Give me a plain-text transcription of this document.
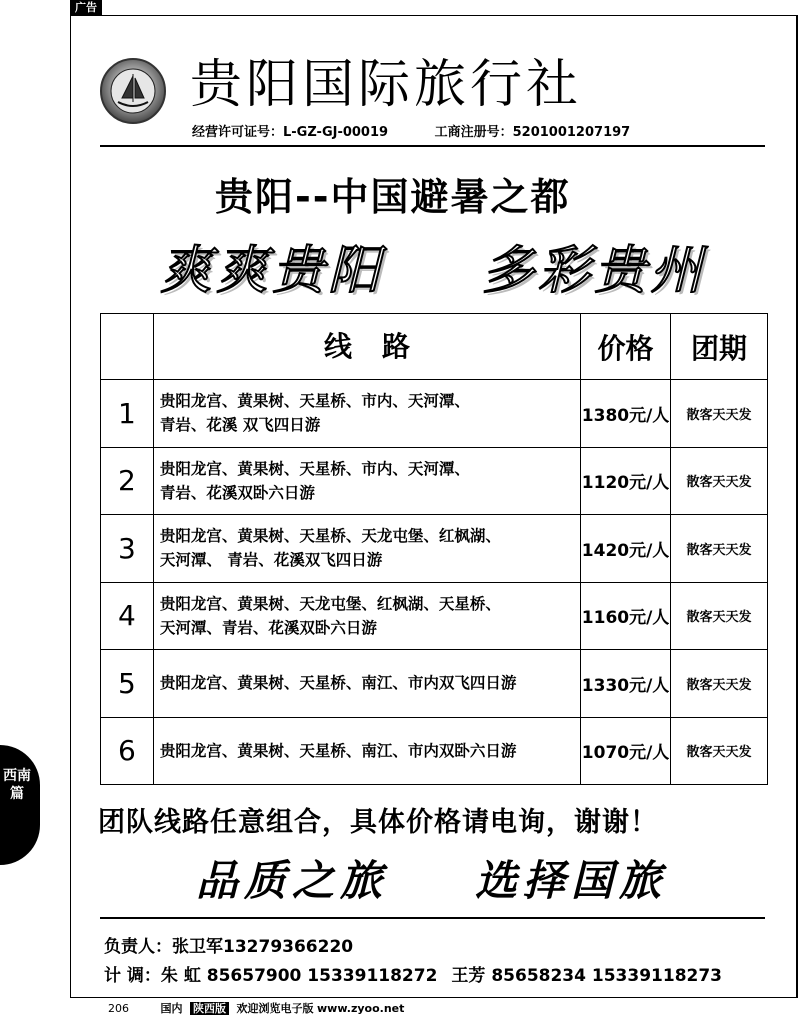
广告
贵阳国际旅行社
经营许可证号：L-GZ-GJ-00019	工商注册号：5201001207197
贵阳--中国避暑之都
爽爽贵阳 多彩贵州
	线路	价格	团期
1	贵阳龙宫、黄果树、天星桥、市内、天河潭、
青岩、花溪 双飞四日游	1380元/人	散客天天发
2	贵阳龙宫、黄果树、天星桥、市内、天河潭、
青岩、花溪双卧六日游	1120元/人	散客天天发
3	贵阳龙宫、黄果树、天星桥、天龙屯堡、红枫湖、
天河潭、 青岩、花溪双飞四日游	1420元/人	散客天天发
4	贵阳龙宫、黄果树、天龙屯堡、红枫湖、天星桥、
天河潭、青岩、花溪双卧六日游	1160元/人	散客天天发
5	贵阳龙宫、黄果树、天星桥、南江、市内双飞四日游	1330元/人	散客天天发
6	贵阳龙宫、黄果树、天星桥、南江、市内双卧六日游	1070元/人	散客天天发
西南篇
团队线路任意组合，具体价格请电询，谢谢！
品质之旅 选择国旅
负责人：张卫军13279366220
计 调：朱 虹 85657900 15339118272 王芳 85658234 15339118273
206	国内 陕西版 欢迎浏览电子版 www.zyoo.net
